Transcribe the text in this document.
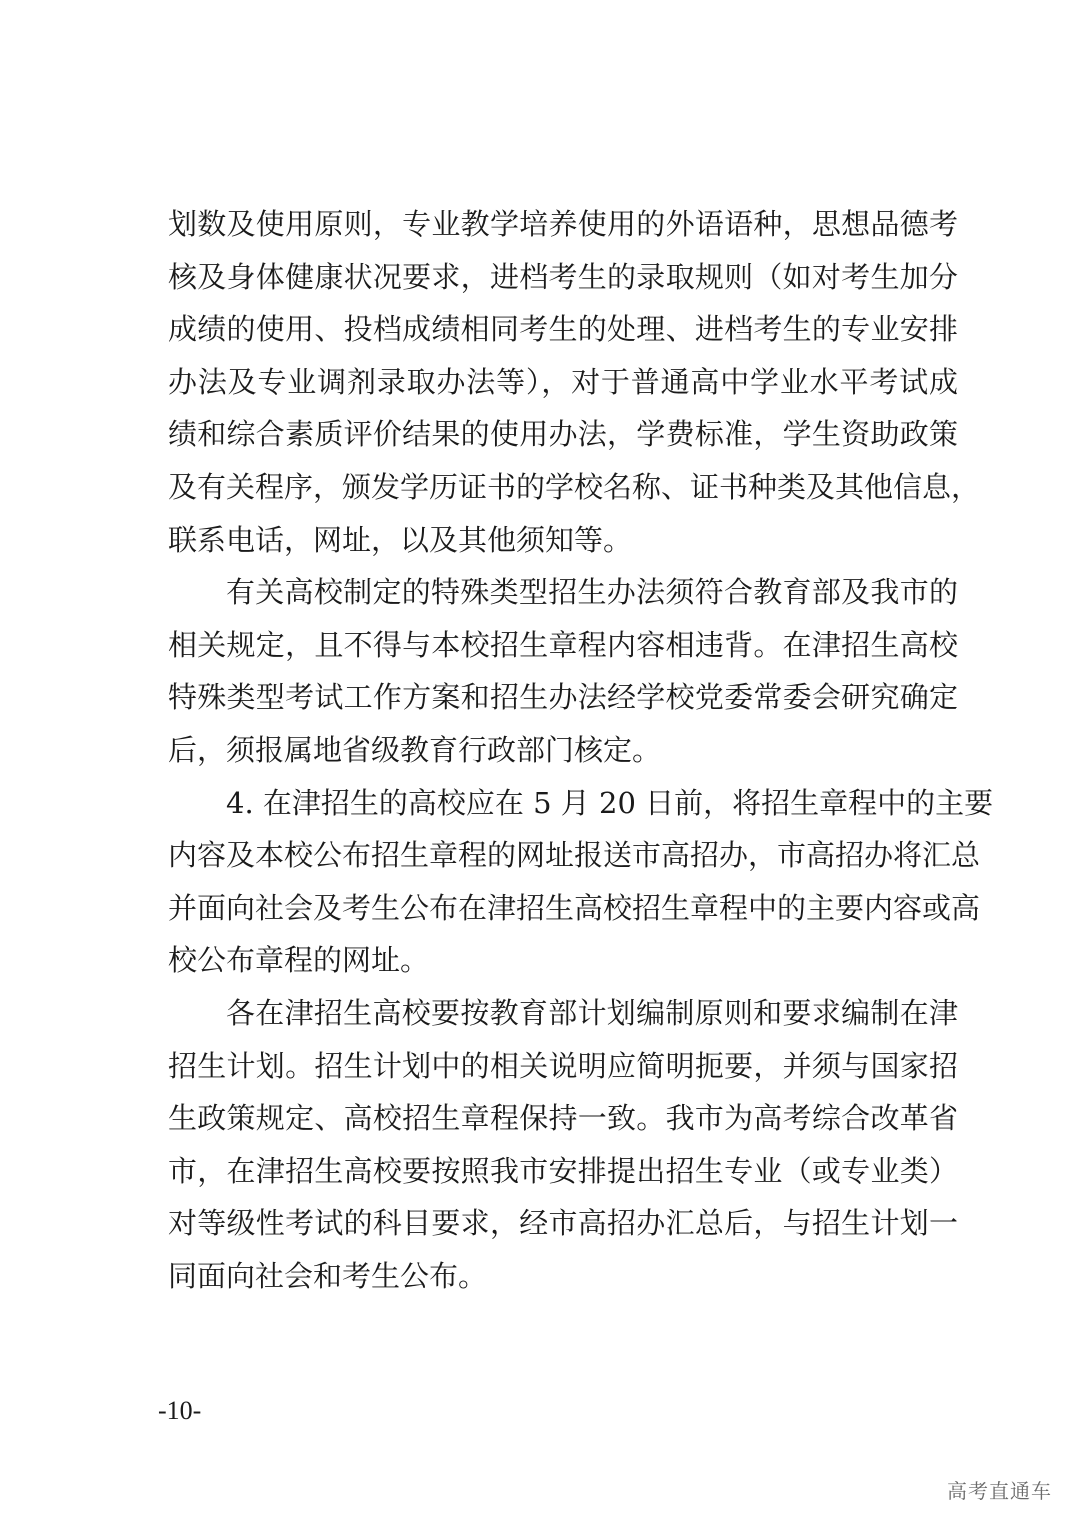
划数及使用原则，专业教学培养使用的外语语种，思想品德考
核及身体健康状况要求，进档考生的录取规则（如对考生加分
成绩的使用、投档成绩相同考生的处理、进档考生的专业安排
办法及专业调剂录取办法等），对于普通高中学业水平考试成
绩和综合素质评价结果的使用办法，学费标准，学生资助政策
及有关程序，颁发学历证书的学校名称、证书种类及其他信息，
联系电话，网址，以及其他须知等。
有关高校制定的特殊类型招生办法须符合教育部及我市的
相关规定，且不得与本校招生章程内容相违背。在津招生高校
特殊类型考试工作方案和招生办法经学校党委常委会研究确定
后，须报属地省级教育行政部门核定。
4. 在津招生的高校应在 5 月 20 日前，将招生章程中的主要
内容及本校公布招生章程的网址报送市高招办，市高招办将汇总
并面向社会及考生公布在津招生高校招生章程中的主要内容或高
校公布章程的网址。
各在津招生高校要按教育部计划编制原则和要求编制在津
招生计划。招生计划中的相关说明应简明扼要，并须与国家招
生政策规定、高校招生章程保持一致。我市为高考综合改革省
市，在津招生高校要按照我市安排提出招生专业（或专业类）
对等级性考试的科目要求，经市高招办汇总后，与招生计划一
同面向社会和考生公布。
-10-
高考直通车
